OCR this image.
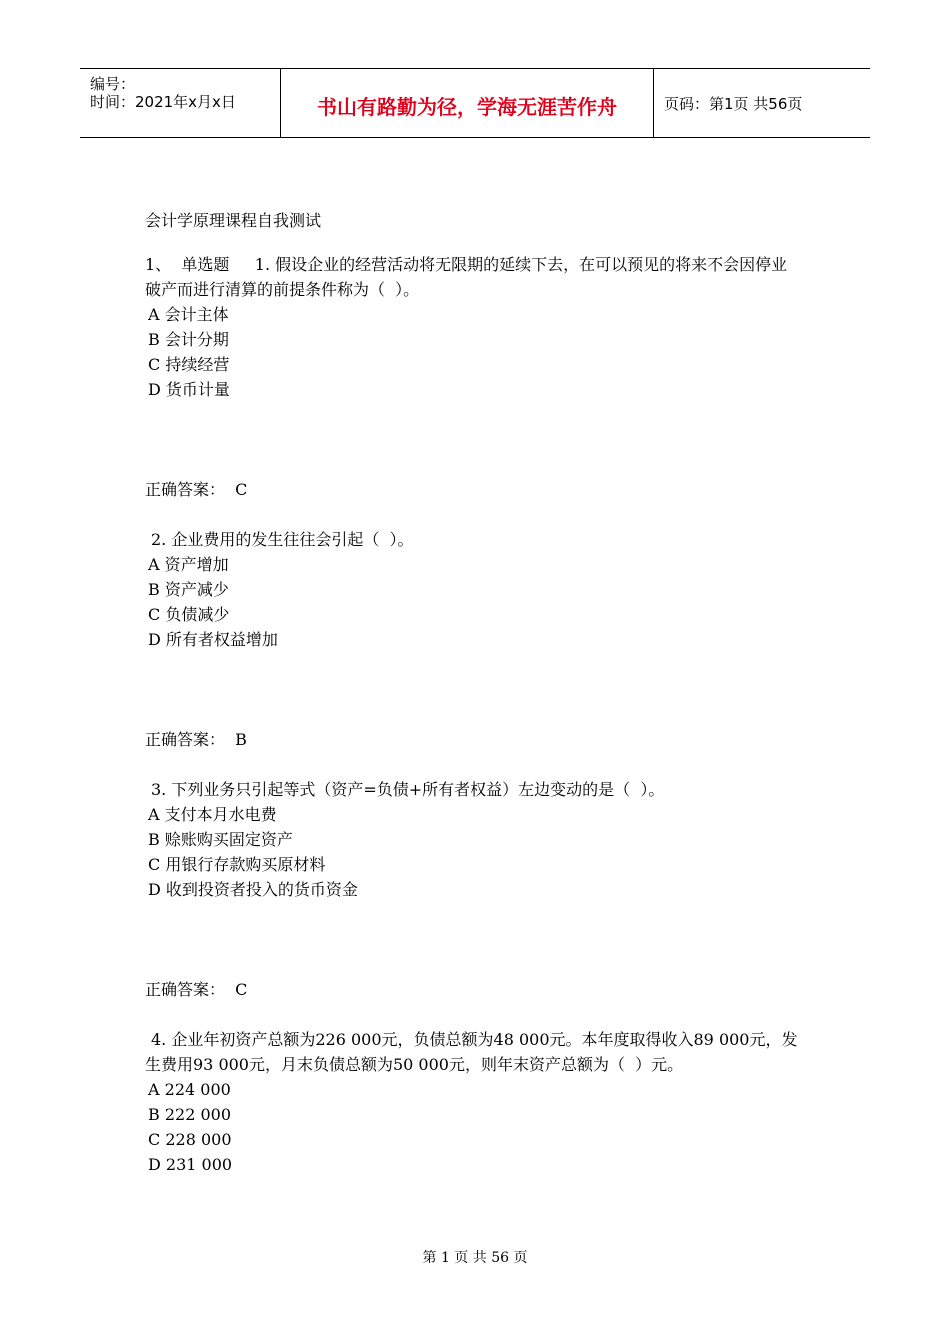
编号：
时间：2021年x月x日	书山有路勤为径，学海无涯苦作舟	页码：第1页 共56页
会计学原理课程自我测试
1、  单选题 1. 假设企业的经营活动将无限期的延续下去，在可以预见的将来不会因停业
破产而进行清算的前提条件称为（  ）。
A 会计主体
B 会计分期
C 持续经营
D 货币计量
正确答案：  C
2. 企业费用的发生往往会引起（  ）。
A 资产增加
B 资产减少
C 负债减少
D 所有者权益增加
正确答案：  B
3. 下列业务只引起等式（资产=负债+所有者权益）左边变动的是（  ）。
A 支付本月水电费
B 赊账购买固定资产
C 用银行存款购买原材料
D 收到投资者投入的货币资金
正确答案：  C
4. 企业年初资产总额为226 000元，负债总额为48 000元。本年度取得收入89 000元，发
生费用93 000元，月末负债总额为50 000元，则年末资产总额为（  ）元。
A 224 000
B 222 000
C 228 000
D 231 000
第 1 页 共 56 页
